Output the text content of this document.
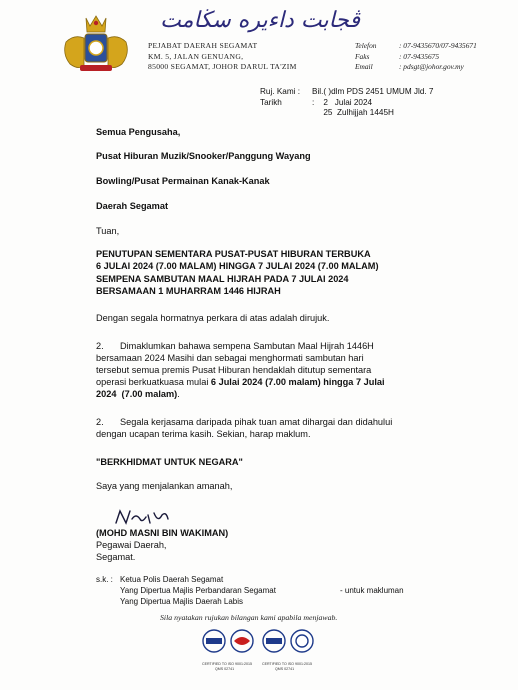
ڤجابت داءيره سڬامت
PEJABAT DAERAH SEGAMAT
KM. 5, JALAN GENUANG,
85000 SEGAMAT, JOHOR DARUL TA'ZIM
Telefon	: 07-9435670/07-9435671
Faks	: 07-9435675
Email	: pdsgt@johor.gov.my
Ruj. Kami : Bil.( )dlm PDS 2451 UMUM Jld. 7
Tarikh	:    2   Julai 2024
25  Zulhijjah 1445H
Semua Pengusaha,
Pusat Hiburan Muzik/Snooker/Panggung Wayang
Bowling/Pusat Permainan Kanak-Kanak
Daerah Segamat
Tuan,
PENUTUPAN SEMENTARA PUSAT-PUSAT HIBURAN TERBUKA
6 JULAI 2024 (7.00 MALAM) HINGGA 7 JULAI 2024 (7.00 MALAM)
SEMPENA SAMBUTAN MAAL HIJRAH PADA 7 JULAI 2024
BERSAMAAN 1 MUHARRAM 1446 HIJRAH
Dengan segala hormatnya perkara di atas adalah dirujuk.
2.	Dimaklumkan bahawa sempena Sambutan Maal Hijrah 1446H
bersamaan 2024 Masihi dan sebagai menghormati sambutan hari
tersebut semua premis Pusat Hiburan hendaklah ditutup sementara
operasi berkuatkuasa mulai 6 Julai 2024 (7.00 malam) hingga 7 Julai
2024  (7.00 malam).
2.	Segala kerjasama daripada pihak tuan amat dihargai dan didahului
dengan ucapan terima kasih. Sekian, harap maklum.
"BERKHIDMAT UNTUK NEGARA"
Saya yang menjalankan amanah,
(MOHD MASNI BIN WAKIMAN)
Pegawai Daerah,
Segamat.
s.k. : Ketua Polis Daerah Segamat
Yang Dipertua Majlis Perbandaran Segamat
Yang Dipertua Majlis Daerah Labis
- untuk makluman
Sila nyatakan rujukan bilangan kami apabila menjawab.
CERTIFIED TO ISO 9001:2015
QMS 02741
CERTIFIED TO ISO 9001:2015
QMS 02741
